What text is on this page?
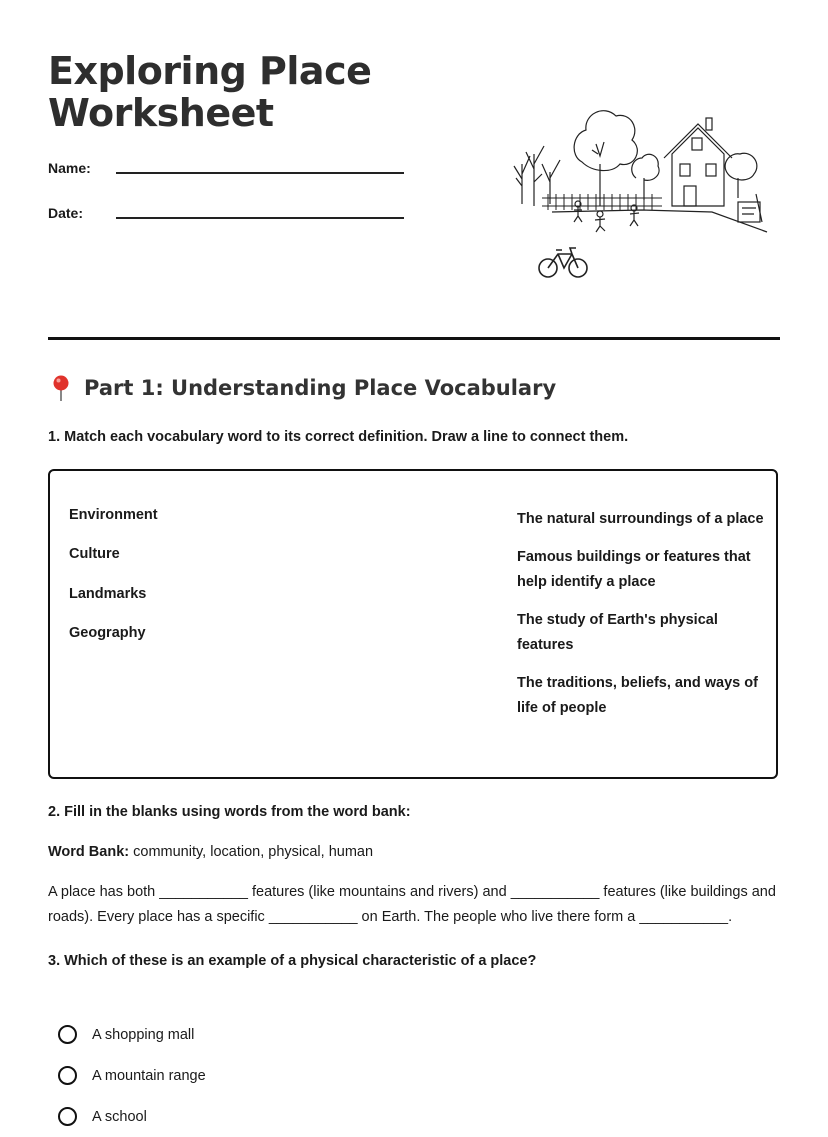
Exploring Place
Worksheet
Name:
Date:
Part 1: Understanding Place Vocabulary

1. Match each vocabulary word to its correct definition. Draw a line to connect them.

Environment
Culture
Landmarks
Geography
The natural surroundings of a place
Famous buildings or features that help identify a place
The study of Earth's physical features
The traditions, beliefs, and ways of life of people

2. Fill in the blanks using words from the word bank:

Word Bank: community, location, physical, human

A place has both ___________ features (like mountains and rivers) and ___________ features (like buildings and roads). Every place has a specific ___________ on Earth. The people who live there form a ___________.

3. Which of these is an example of a physical characteristic of a place?

A shopping mall
A mountain range
A school
